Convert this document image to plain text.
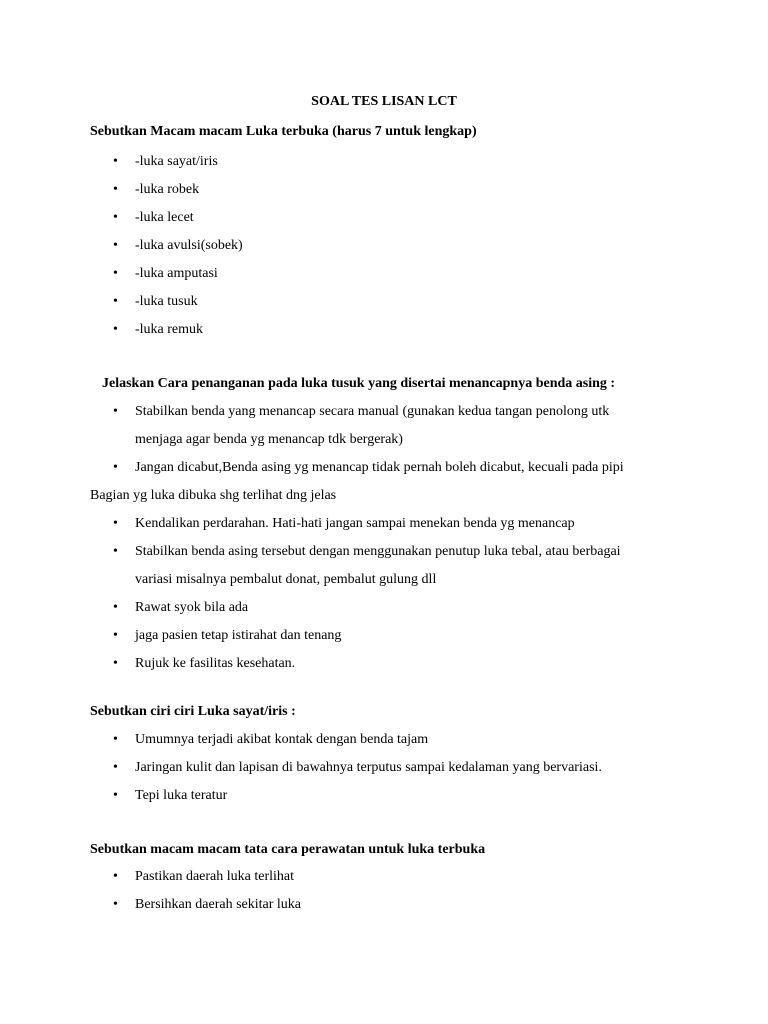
SOAL TES LISAN LCT
Sebutkan Macam macam Luka terbuka (harus 7 untuk lengkap)
• -luka sayat/iris
• -luka robek
• -luka lecet
• -luka avulsi(sobek)
• -luka amputasi
• -luka tusuk
• -luka remuk
Jelaskan Cara penanganan pada luka tusuk yang disertai menancapnya benda asing :
• Stabilkan benda yang menancap secara manual (gunakan kedua tangan penolong utk
menjaga agar benda yg menancap tdk bergerak)
• Jangan dicabut,Benda asing yg menancap tidak pernah boleh dicabut, kecuali pada pipi
Bagian yg luka dibuka shg terlihat dng jelas
• Kendalikan perdarahan. Hati-hati jangan sampai menekan benda yg menancap
• Stabilkan benda asing tersebut dengan menggunakan penutup luka tebal, atau berbagai
variasi misalnya pembalut donat, pembalut gulung dll
• Rawat syok bila ada
• jaga pasien tetap istirahat dan tenang
• Rujuk ke fasilitas kesehatan.
Sebutkan ciri ciri Luka sayat/iris :
• Umumnya terjadi akibat kontak dengan benda tajam
• Jaringan kulit dan lapisan di bawahnya terputus sampai kedalaman yang bervariasi.
• Tepi luka teratur
Sebutkan macam macam tata cara perawatan untuk luka terbuka
• Pastikan daerah luka terlihat
• Bersihkan daerah sekitar luka
